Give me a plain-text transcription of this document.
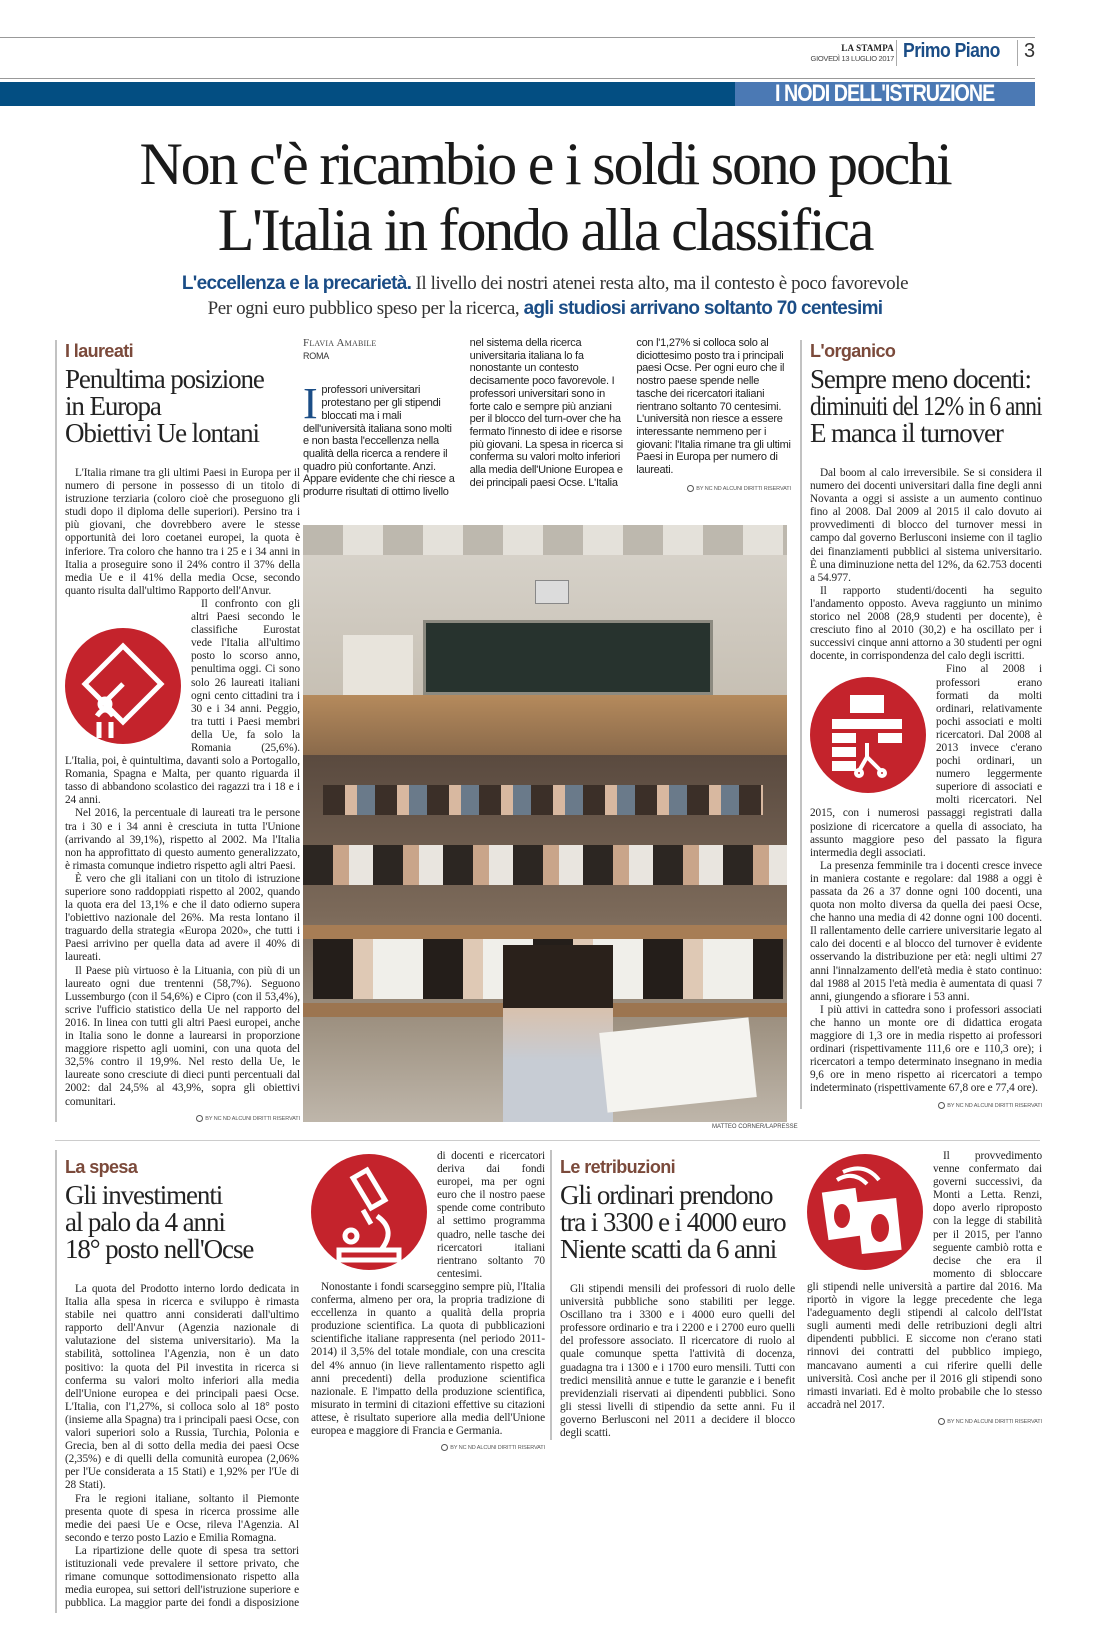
LA STAMPA
GIOVEDÌ 13 LUGLIO 2017 Primo Piano 3
I NODI DELL'ISTRUZIONE
Non c'è ricambio e i soldi sono pochi
L'Italia in fondo alla classifica
L'eccellenza e la precarietà. Il livello dei nostri atenei resta alto, ma il contesto è poco favorevole
Per ogni euro pubblico speso per la ricerca, agli studiosi arrivano soltanto 70 centesimi
I laureati
Penultima posizione
in Europa
Obiettivi Ue lontani

L'Italia rimane tra gli ultimi Paesi in Europa per il numero di persone in possesso di un titolo di istruzione terziaria (coloro cioè che proseguono gli studi dopo il diploma delle superiori). Persino tra i più giovani, che dovrebbero avere le stesse opportunità dei loro coetanei europei, la quota è inferiore. Tra coloro che hanno tra i 25 e i 34 anni in Italia a proseguire sono il 24% contro il 37% della media Ue e il 41% della media Ocse, secondo quanto risulta dall'ultimo Rapporto dell'Anvur.

Il confronto con gli altri Paesi secondo le classifiche Eurostat vede l'Italia all'ultimo posto lo scorso anno, penultima oggi. Ci sono solo 26 laureati italiani ogni cento cittadini tra i 30 e i 34 anni. Peggio, tra tutti i Paesi membri della Ue, fa solo la Romania (25,6%). L'Italia, poi, è quintultima, davanti solo a Portogallo, Romania, Spagna e Malta, per quanto riguarda il tasso di abbandono scolastico dei ragazzi tra i 18 e i 24 anni.

Nel 2016, la percentuale di laureati tra le persone tra i 30 e i 34 anni è cresciuta in tutta l'Unione (arrivando al 39,1%), rispetto al 2002. Ma l'Italia non ha approfittato di questo aumento generalizzato, è rimasta comunque indietro rispetto agli altri Paesi.

È vero che gli italiani con un titolo di istruzione superiore sono raddoppiati rispetto al 2002, quando la quota era del 13,1% e che il dato odierno supera l'obiettivo nazionale del 26%. Ma resta lontano il traguardo della strategia «Europa 2020», che tutti i Paesi arrivino per quella data ad avere il 40% di laureati.

Il Paese più virtuoso è la Lituania, con più di un laureato ogni due trentenni (58,7%). Seguono Lussemburgo (con il 54,6%) e Cipro (con il 53,4%), scrive l'ufficio statistico della Ue nel rapporto del 2016. In linea con tutti gli altri Paesi europei, anche in Italia sono le donne a laurearsi in proporzione maggiore rispetto agli uomini, con una quota del 32,5% contro il 19,9%. Nel resto della Ue, le laureate sono cresciute di dieci punti percentuali dal 2002: dal 24,5% al 43,9%, sopra gli obiettivi comunitari.

BY NC ND ALCUNI DIRITTI RISERVATI
Flavia Amabile
ROMA
I professori universitari protestano per gli stipendi bloccati ma i mali dell'università italiana sono molti e non basta l'eccellenza nella qualità della ricerca a rendere il quadro più confortante. Anzi. Appare evidente che chi riesce a produrre risultati di ottimo livello nel sistema della ricerca universitaria italiana lo fa nonostante un contesto decisamente poco favorevole. I professori universitari sono in forte calo e sempre più anziani per il blocco del turn-over che ha fermato l'innesto di idee e risorse più giovani. La spesa in ricerca si conferma su valori molto inferiori alla media dell'Unione Europea e dei principali paesi Ocse. L'Italia con l'1,27% si colloca solo al diciottesimo posto tra i principali paesi Ocse. Per ogni euro che il nostro paese spende nelle tasche dei ricercatori italiani rientrano soltanto 70 centesimi. L'università non riesce a essere interessante nemmeno per i giovani: l'Italia rimane tra gli ultimi Paesi in Europa per numero di laureati.
BY NC ND ALCUNI DIRITTI RISERVATI
MATTEO CORNER/LAPRESSE
L'organico
Sempre meno docenti:
diminuiti del 12% in 6 anni
E manca il turnover

Dal boom al calo irreversibile. Se si considera il numero dei docenti universitari dalla fine degli anni Novanta a oggi si assiste a un aumento continuo fino al 2008. Dal 2009 al 2015 il calo dovuto ai provvedimenti di blocco del turnover messi in campo dal governo Berlusconi insieme con il taglio dei finanziamenti pubblici al sistema universitario. È una diminuzione netta del 12%, da 62.753 docenti a 54.977.

Il rapporto studenti/docenti ha seguito l'andamento opposto. Aveva raggiunto un minimo storico nel 2008 (28,9 studenti per docente), è cresciuto fino al 2010 (30,2) e ha oscillato per i successivi cinque anni attorno a 30 studenti per ogni docente, in corrispondenza del calo degli iscritti.

Fino al 2008 i professori erano formati da molti ordinari, relativamente pochi associati e molti ricercatori. Dal 2008 al 2013 invece c'erano pochi ordinari, un numero leggermente superiore di associati e molti ricercatori. Nel 2015, con i numerosi passaggi registrati dalla posizione di ricercatore a quella di associato, ha assunto maggiore peso del passato la figura intermedia degli associati.

La presenza femminile tra i docenti cresce invece in maniera costante e regolare: dal 1988 a oggi è passata da 26 a 37 donne ogni 100 docenti, una quota non molto diversa da quella dei paesi Ocse, che hanno una media di 42 donne ogni 100 docenti. Il rallentamento delle carriere universitarie legato al calo dei docenti e al blocco del turnover è evidente osservando la distribuzione per età: negli ultimi 27 anni l'innalzamento dell'età media è stato continuo: dal 1988 al 2015 l'età media è aumentata di quasi 7 anni, giungendo a sfiorare i 53 anni.

I più attivi in cattedra sono i professori associati che hanno un monte ore di didattica erogata maggiore di 1,3 ore in media rispetto ai professori ordinari (rispettivamente 111,6 ore e 110,3 ore); i ricercatori a tempo determinato insegnano in media 9,6 ore in meno rispetto ai ricercatori a tempo indeterminato (rispettivamente 67,8 ore e 77,4 ore).

BY NC ND ALCUNI DIRITTI RISERVATI
La spesa
Gli investimenti
al palo da 4 anni
18° posto nell'Ocse

La quota del Prodotto interno lordo dedicata in Italia alla spesa in ricerca e sviluppo è rimasta stabile nei quattro anni considerati dall'ultimo rapporto dell'Anvur (Agenzia nazionale di valutazione del sistema universitario). Ma la stabilità, sottolinea l'Agenzia, non è un dato positivo: la quota del Pil investita in ricerca si conferma su valori molto inferiori alla media dell'Unione europea e dei principali paesi Ocse. L'Italia, con l'1,27%, si colloca solo al 18° posto (insieme alla Spagna) tra i principali paesi Ocse, con valori superiori solo a Russia, Turchia, Polonia e Grecia, ben al di sotto della media dei paesi Ocse (2,35%) e di quelli della comunità europea (2,06% per l'Ue considerata a 15 Stati) e 1,92% per l'Ue di 28 Stati).

Fra le regioni italiane, soltanto il Piemonte presenta quote di spesa in ricerca prossime alle medie dei paesi Ue e Ocse, rileva l'Agenzia. Al secondo e terzo posto Lazio e Emilia Romagna.

La ripartizione delle quote di spesa tra settori istituzionali vede prevalere il settore privato, che rimane comunque sottodimensionato rispetto alla media europea, sui settori dell'istruzione superiore e pubblica. La maggior parte dei fondi a disposizione di docenti e ricercatori deriva dai fondi europei, ma per ogni euro che il nostro paese spende come contributo al settimo programma quadro, nelle tasche dei ricercatori italiani rientrano soltanto 70 centesimi.

Nonostante i fondi scarseggino sempre più, l'Italia conferma, almeno per ora, la propria tradizione di eccellenza in quanto a qualità della propria produzione scientifica. La quota di pubblicazioni scientifiche italiane rappresenta (nel periodo 2011-2014) il 3,5% del totale mondiale, con una crescita del 4% annuo (in lieve rallentamento rispetto agli anni precedenti) della produzione scientifica nazionale. E l'impatto della produzione scientifica, misurato in termini di citazioni effettive su citazioni attese, è risultato superiore alla media dell'Unione europea e maggiore di Francia e Germania.

BY NC ND ALCUNI DIRITTI RISERVATI
Le retribuzioni
Gli ordinari prendono
tra i 3300 e i 4000 euro
Niente scatti da 6 anni

Gli stipendi mensili dei professori di ruolo delle università pubbliche sono stabiliti per legge. Oscillano tra i 3300 e i 4000 euro quelli del professore ordinario e tra i 2200 e i 2700 euro quelli del professore associato. Il ricercatore di ruolo al quale comunque spetta l'attività di docenza, guadagna tra i 1300 e i 1700 euro mensili. Tutti con tredici mensilità annue e tutte le garanzie e i benefit previdenziali riservati ai dipendenti pubblici. Sono gli stessi livelli di stipendio da sette anni. Fu il governo Berlusconi nel 2011 a decidere il blocco degli scatti.

Il provvedimento venne confermato dai governi successivi, da Monti a Letta. Renzi, dopo averlo riproposto con la legge di stabilità per il 2015, per l'anno seguente cambiò rotta e decise che era il momento di sbloccare gli stipendi nelle università a partire dal 2016. Ma riportò in vigore la legge precedente che lega l'adeguamento degli stipendi al calcolo dell'Istat sugli aumenti medi delle retribuzioni degli altri dipendenti pubblici. E siccome non c'erano stati rinnovi dei contratti del pubblico impiego, mancavano aumenti a cui riferire quelli delle università. Così anche per il 2016 gli stipendi sono rimasti invariati. Ed è molto probabile che lo stesso accadrà nel 2017.

BY NC ND ALCUNI DIRITTI RISERVATI
